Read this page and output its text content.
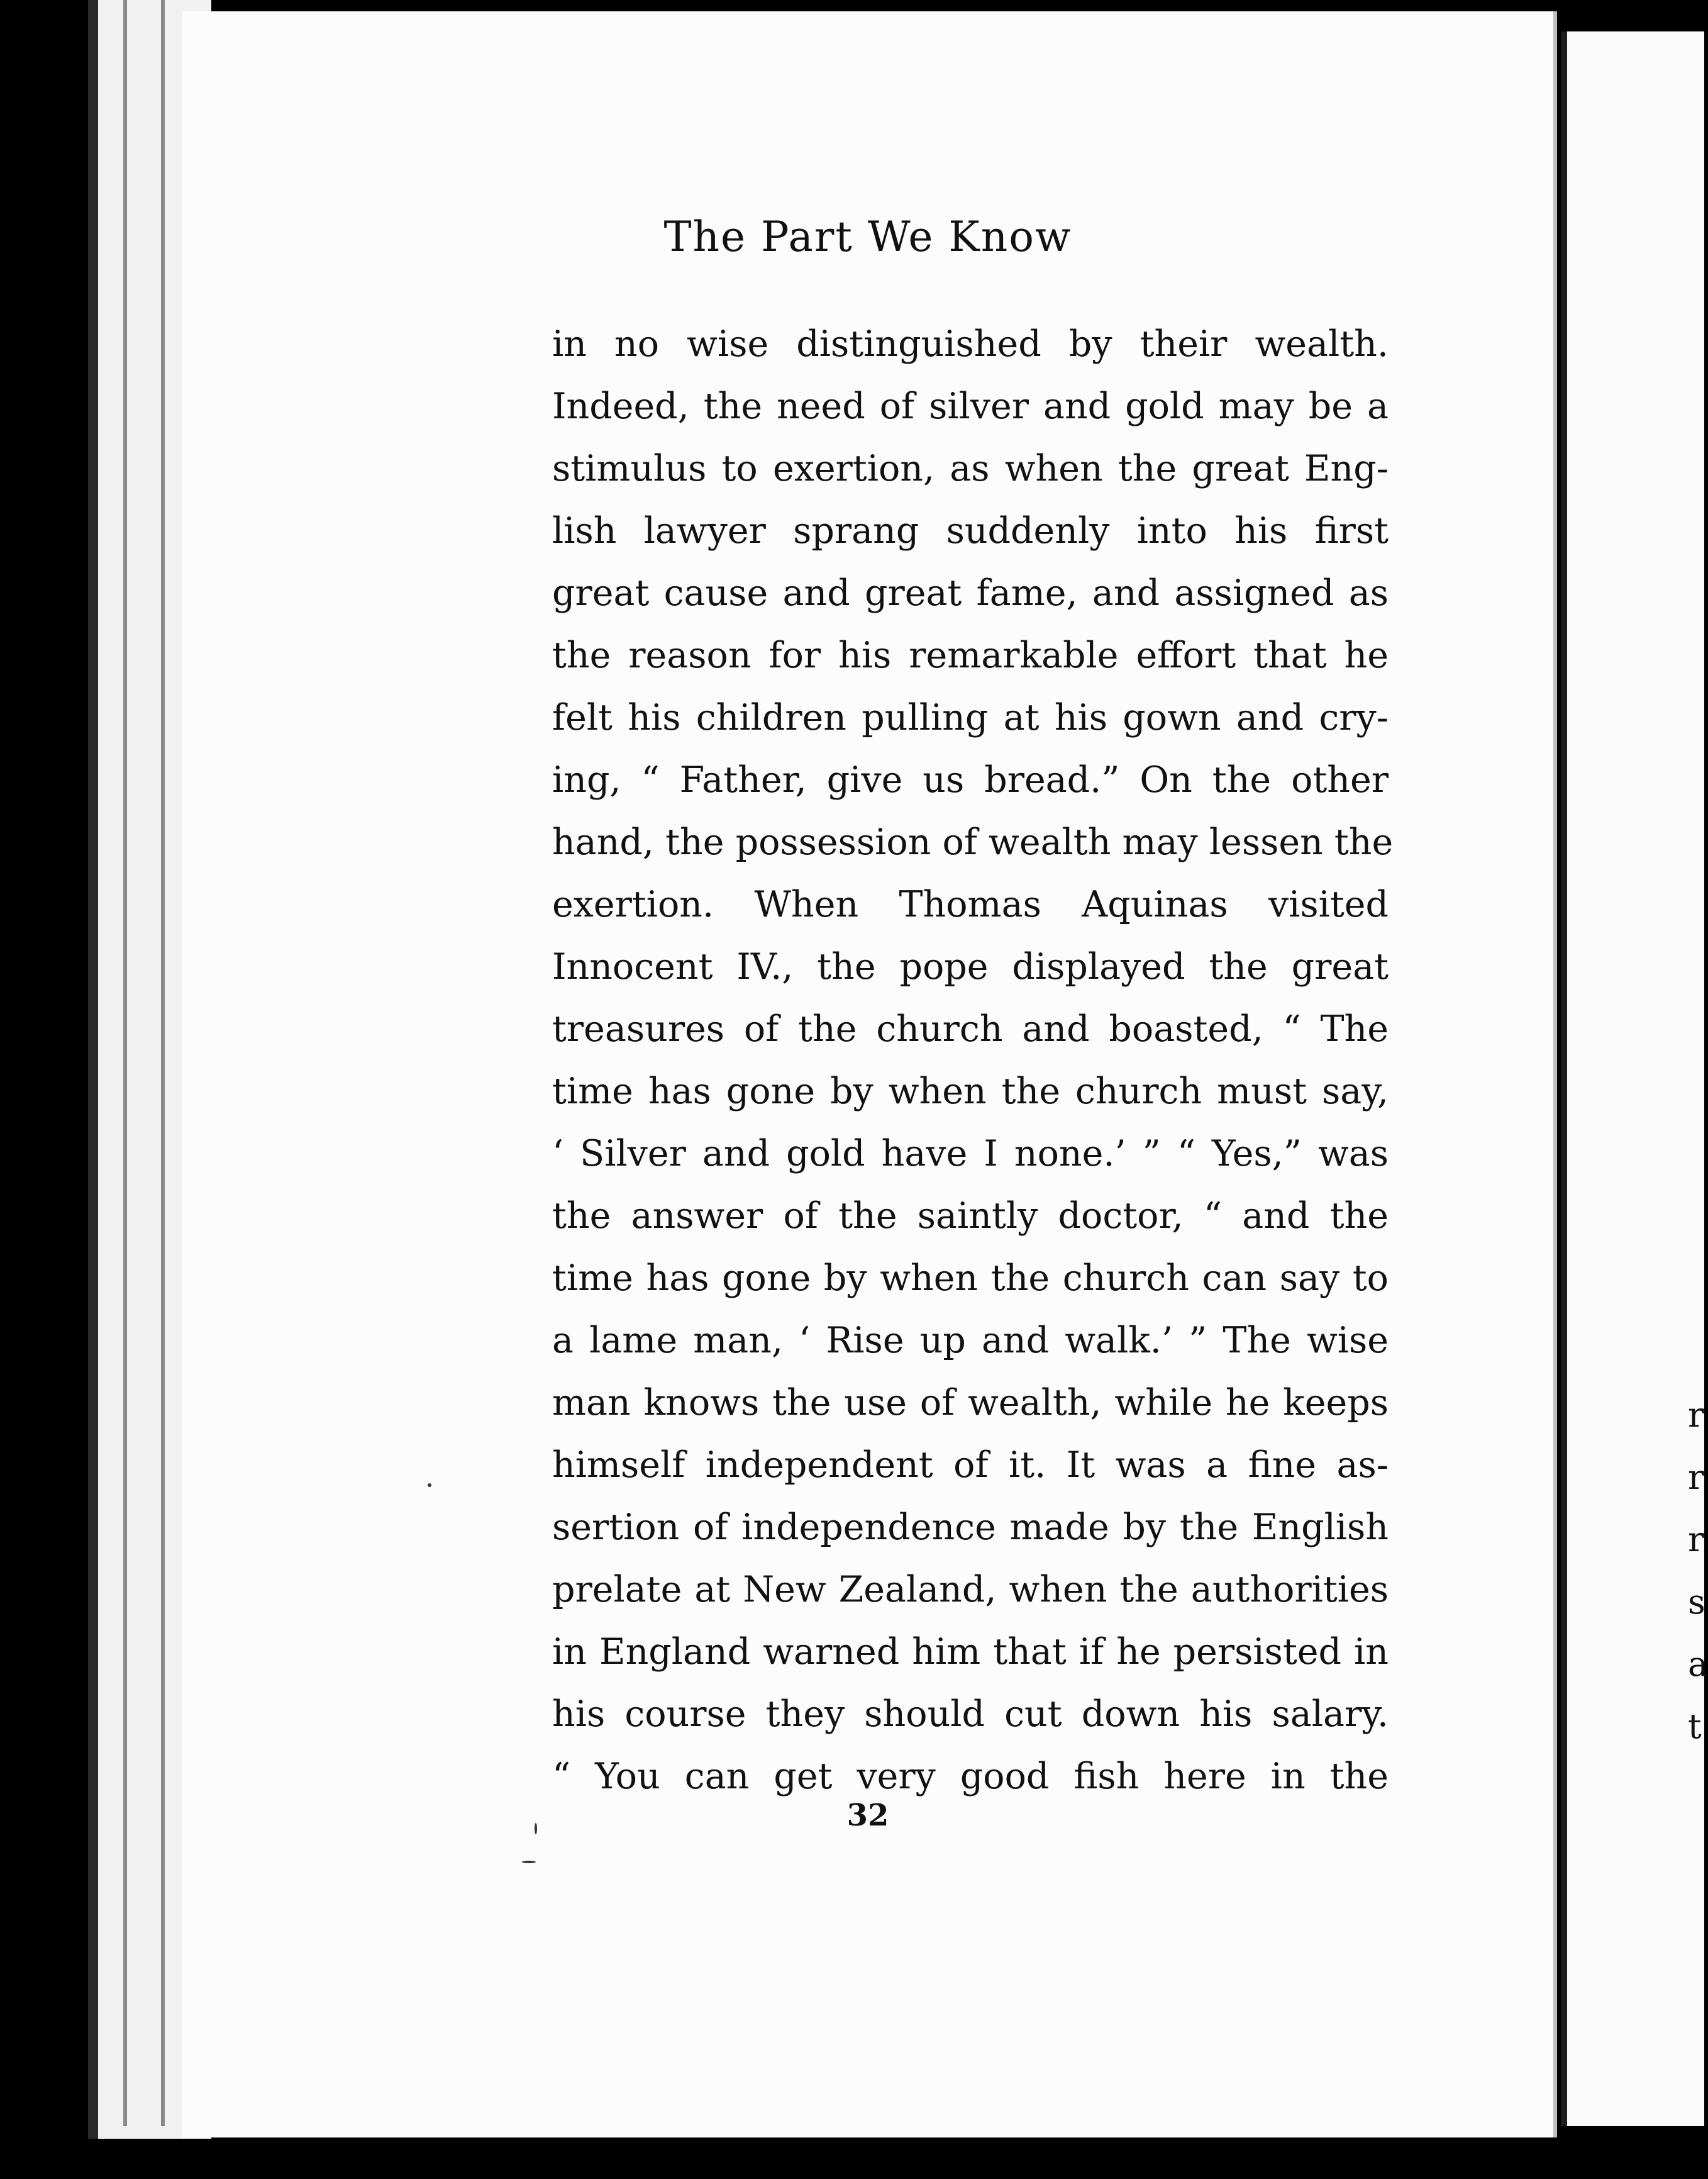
The Part We Know
in no wise distinguished by their wealth.
Indeed, the need of silver and gold may be a
stimulus to exertion, as when the great Eng-
lish lawyer sprang suddenly into his first
great cause and great fame, and assigned as
the reason for his remarkable effort that he
felt his children pulling at his gown and cry-
ing, “ Father, give us bread.” On the other
hand, the possession of wealth may lessen the
exertion. When Thomas Aquinas visited
Innocent IV., the pope displayed the great
treasures of the church and boasted, “ The
time has gone by when the church must say,
‘ Silver and gold have I none.’ ” “ Yes,” was
the answer of the saintly doctor, “ and the
time has gone by when the church can say to
a lame man, ‘ Rise up and walk.’ ” The wise
man knows the use of wealth, while he keeps
himself independent of it. It was a fine as-
sertion of independence made by the English
prelate at New Zealand, when the authorities
in England warned him that if he persisted in
his course they should cut down his salary.
“ You can get very good fish here in the
32
r
r
r
s
a
t
